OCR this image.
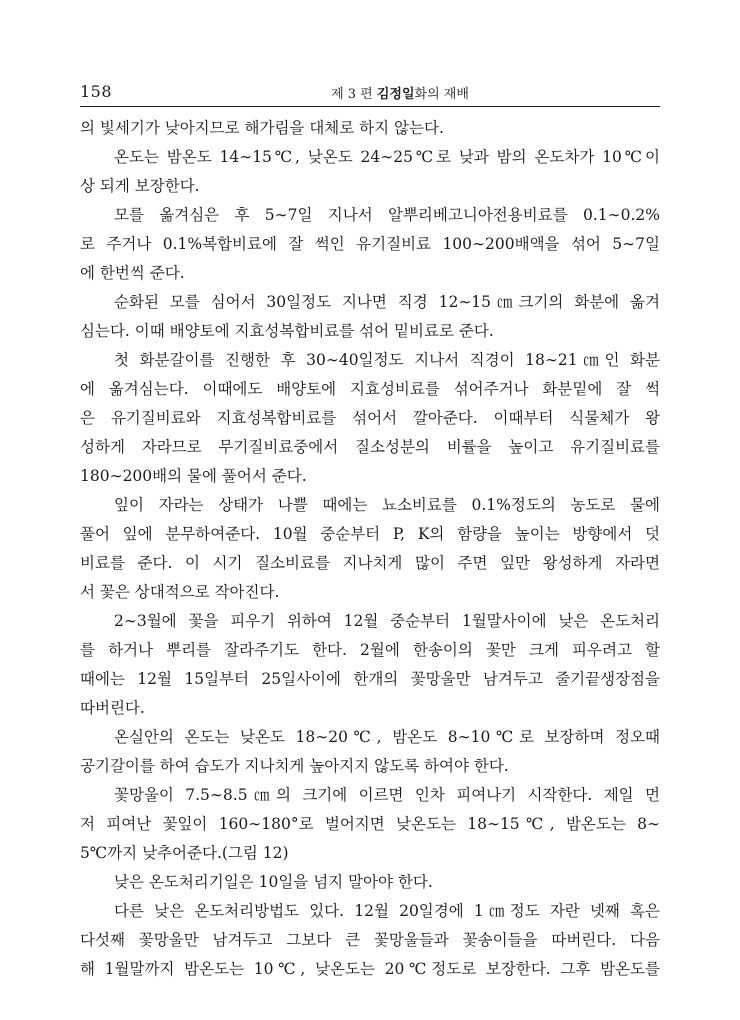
158	제 3 편 김정일화의 재배
의 빛세기가 낮아지므로 해가림을 대체로 하지 않는다.
온도는 밤온도 14∼15℃, 낮온도 24∼25℃로 낮과 밤의 온도차가 10℃이
상 되게 보장한다.
모를 옮겨심은 후 5∼7일 지나서 알뿌리베고니아전용비료를 0.1∼0.2%
로 주거나 0.1%복합비료에 잘 썩인 유기질비료 100∼200배액을 섞어 5∼7일
에 한번씩 준다.
순화된 모를 심어서 30일정도 지나면 직경 12∼15㎝크기의 화분에 옮겨
심는다. 이때 배양토에 지효성복합비료를 섞어 밑비료로 준다.
첫 화분갈이를 진행한 후 30∼40일정도 지나서 직경이 18∼21㎝인 화분
에 옮겨심는다. 이때에도 배양토에 지효성비료를 섞어주거나 화분밑에 잘 썩
은 유기질비료와 지효성복합비료를 섞어서 깔아준다. 이때부터 식물체가 왕
성하게 자라므로 무기질비료중에서 질소성분의 비률을 높이고 유기질비료를
180∼200배의 물에 풀어서 준다.
잎이 자라는 상태가 나쁠 때에는 뇨소비료를 0.1%정도의 농도로 물에
풀어 잎에 분무하여준다. 10월 중순부터 P, K의 함량을 높이는 방향에서 덧
비료를 준다. 이 시기 질소비료를 지나치게 많이 주면 잎만 왕성하게 자라면
서 꽃은 상대적으로 작아진다.
2∼3월에 꽃을 피우기 위하여 12월 중순부터 1월말사이에 낮은 온도처리
를 하거나 뿌리를 잘라주기도 한다. 2월에 한송이의 꽃만 크게 피우려고 할
때에는 12월 15일부터 25일사이에 한개의 꽃망울만 남겨두고 줄기끝생장점을
따버린다.
온실안의 온도는 낮온도 18∼20℃, 밤온도 8∼10℃로 보장하며 정오때
공기갈이를 하여 습도가 지나치게 높아지지 않도록 하여야 한다.
꽃망울이 7.5∼8.5㎝의 크기에 이르면 인차 피여나기 시작한다. 제일 먼
저 피여난 꽃잎이 160∼180°로 벌어지면 낮온도는 18∼15℃, 밤온도는 8∼
5℃까지 낮추어준다.(그림 12)
낮은 온도처리기일은 10일을 넘지 말아야 한다.
다른 낮은 온도처리방법도 있다. 12월 20일경에 1㎝정도 자란 넷째 혹은
다섯째 꽃망울만 남겨두고 그보다 큰 꽃망울들과 꽃송이들을 따버린다. 다음
해 1월말까지 밤온도는 10℃, 낮온도는 20℃정도로 보장한다. 그후 밤온도를
